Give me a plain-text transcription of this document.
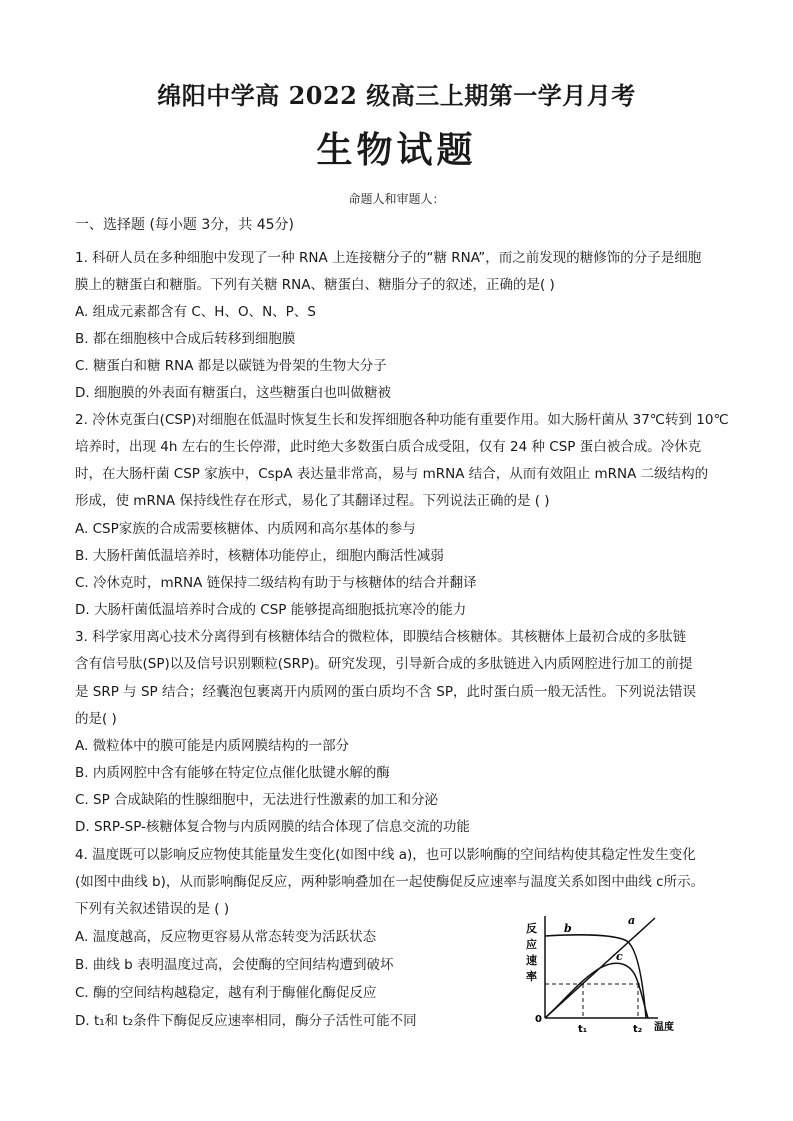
绵阳中学高 2022 级高三上期第一学月月考
生物试题
命题人和审题人：
一、选择题 (每小题 3分，共 45分)
1. 科研人员在多种细胞中发现了一种 RNA 上连接糖分子的“糖 RNA”，而之前发现的糖修饰的分子是细胞
膜上的糖蛋白和糖脂。下列有关糖 RNA、糖蛋白、糖脂分子的叙述，正确的是( )
A. 组成元素都含有 C、H、O、N、P、S
B. 都在细胞核中合成后转移到细胞膜
C. 糖蛋白和糖 RNA 都是以碳链为骨架的生物大分子
D. 细胞膜的外表面有糖蛋白，这些糖蛋白也叫做糖被
2. 冷休克蛋白(CSP)对细胞在低温时恢复生长和发挥细胞各种功能有重要作用。如大肠杆菌从 37℃转到 10℃
培养时，出现 4h 左右的生长停滞，此时绝大多数蛋白质合成受阻，仅有 24 种 CSP 蛋白被合成。冷休克
时，在大肠杆菌 CSP 家族中，CspA 表达量非常高，易与 mRNA 结合，从而有效阻止 mRNA 二级结构的
形成，使 mRNA 保持线性存在形式，易化了其翻译过程。下列说法正确的是 ( )
A. CSP家族的合成需要核糖体、内质网和高尔基体的参与
B. 大肠杆菌低温培养时，核糖体功能停止，细胞内酶活性减弱
C. 冷休克时，mRNA 链保持二级结构有助于与核糖体的结合并翻译
D. 大肠杆菌低温培养时合成的 CSP 能够提高细胞抵抗寒冷的能力
3. 科学家用离心技术分离得到有核糖体结合的微粒体，即膜结合核糖体。其核糖体上最初合成的多肽链
含有信号肽(SP)以及信号识别颗粒(SRP)。研究发现，引导新合成的多肽链进入内质网腔进行加工的前提
是 SRP 与 SP 结合；经囊泡包裹离开内质网的蛋白质均不含 SP，此时蛋白质一般无活性。下列说法错误
的是( )
A. 微粒体中的膜可能是内质网膜结构的一部分
B. 内质网腔中含有能够在特定位点催化肽键水解的酶
C. SP 合成缺陷的性腺细胞中，无法进行性激素的加工和分泌
D. SRP-SP-核糖体复合物与内质网膜的结合体现了信息交流的功能
4. 温度既可以影响反应物使其能量发生变化(如图中线 a)，也可以影响酶的空间结构使其稳定性发生变化
(如图中曲线 b)，从而影响酶促反应，两种影响叠加在一起使酶促反应速率与温度关系如图中曲线 c所示。
下列有关叙述错误的是 ( )
A. 温度越高，反应物更容易从常态转变为活跃状态
B. 曲线 b 表明温度过高，会使酶的空间结构遭到破坏
C. 酶的空间结构越稳定，越有利于酶催化酶促反应
D. t₁和 t₂条件下酶促反应速率相同，酶分子活性可能不同
反
应
速
率
0
a
b
c
t₁	t₂ 温度
